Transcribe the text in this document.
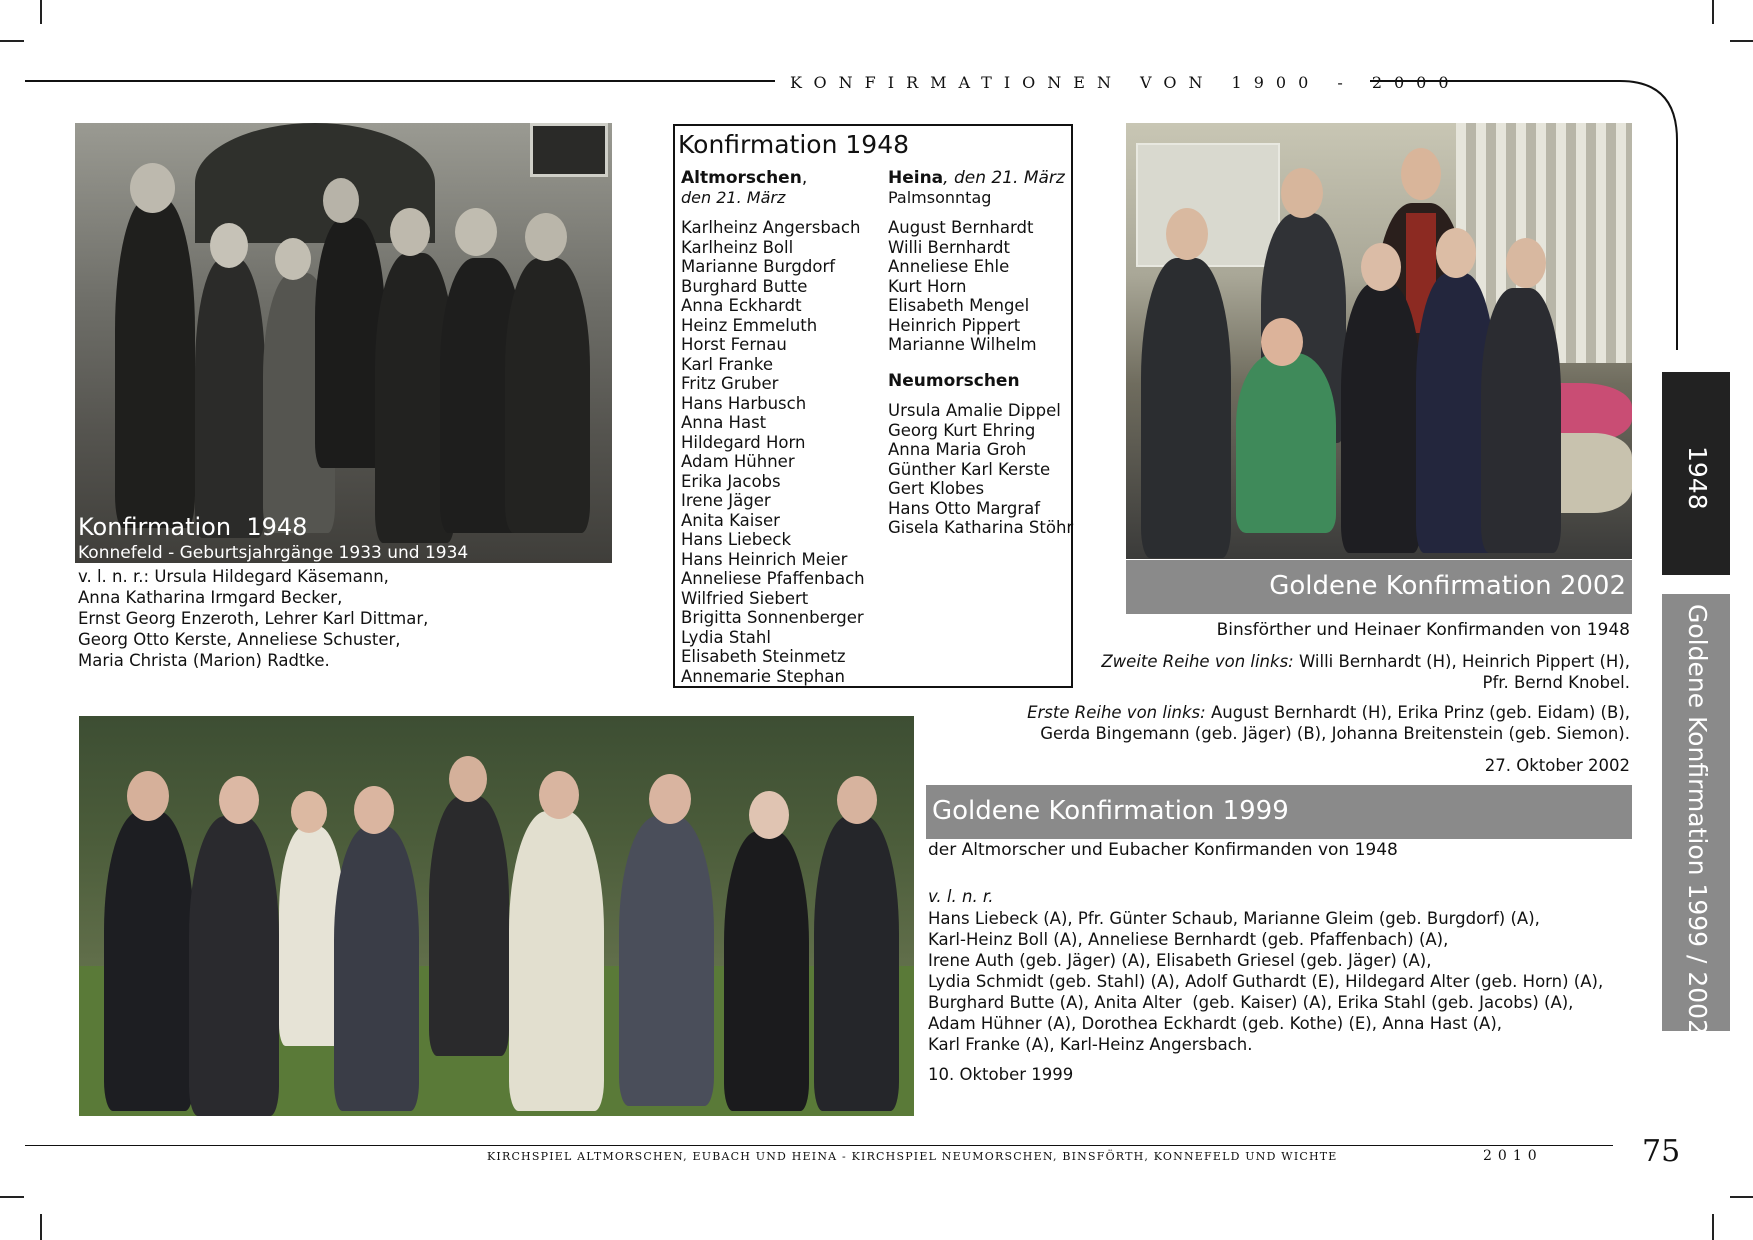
KONFIRMATIONEN VON 1900 - 2000
Konfirmation  1948
Konnefeld - Geburtsjahrgänge 1933 und 1934
v. l. n. r.: Ursula Hildegard Käsemann,
Anna Katharina Irmgard Becker,
Ernst Georg Enzeroth, Lehrer Karl Dittmar,
Georg Otto Kerste, Anneliese Schuster,
Maria Christa (Marion) Radtke.
Konfirmation 1948
Altmorschen,
den 21. März
Karlheinz Angersbach
Karlheinz Boll
Marianne Burgdorf
Burghard Butte
Anna Eckhardt
Heinz Emmeluth
Horst Fernau
Karl Franke
Fritz Gruber
Hans Harbusch
Anna Hast
Hildegard Horn
Adam Hühner
Erika Jacobs
Irene Jäger
Anita Kaiser
Hans Liebeck
Hans Heinrich Meier
Anneliese Pfaffenbach
Wilfried Siebert
Brigitta Sonnenberger
Lydia Stahl
Elisabeth Steinmetz
Annemarie Stephan
Heina, den 21. März
Palmsonntag
August Bernhardt
Willi Bernhardt
Anneliese Ehle
Kurt Horn
Elisabeth Mengel
Heinrich Pippert
Marianne Wilhelm
Neumorschen
Ursula Amalie Dippel
Georg Kurt Ehring
Anna Maria Groh
Günther Karl Kerste
Gert Klobes
Hans Otto Margraf
Gisela Katharina Stöhr
Goldene Konfirmation 2002
Binsförther und Heinaer Konfirmanden von 1948
Zweite Reihe von links: Willi Bernhardt (H), Heinrich Pippert (H),
Pfr. Bernd Knobel.
Erste Reihe von links: August Bernhardt (H), Erika Prinz (geb. Eidam) (B),
Gerda Bingemann (geb. Jäger) (B), Johanna Breitenstein (geb. Siemon).
27. Oktober 2002
Goldene Konfirmation 1999
der Altmorscher und Eubacher Konfirmanden von 1948
v. l. n. r.
Hans Liebeck (A), Pfr. Günter Schaub, Marianne Gleim (geb. Burgdorf) (A),
Karl-Heinz Boll (A), Anneliese Bernhardt (geb. Pfaffenbach) (A),
Irene Auth (geb. Jäger) (A), Elisabeth Griesel (geb. Jäger) (A),
Lydia Schmidt (geb. Stahl) (A), Adolf Guthardt (E), Hildegard Alter (geb. Horn) (A),
Burghard Butte (A), Anita Alter  (geb. Kaiser) (A), Erika Stahl (geb. Jacobs) (A),
Adam Hühner (A), Dorothea Eckhardt (geb. Kothe) (E), Anna Hast (A),
Karl Franke (A), Karl-Heinz Angersbach.
10. Oktober 1999
1948
Goldene Konfirmation 1999 / 2002
KIRCHSPIEL ALTMORSCHEN, EUBACH UND HEINA - KIRCHSPIEL NEUMORSCHEN, BINSFÖRTH, KONNEFELD UND WICHTE	2010	75
